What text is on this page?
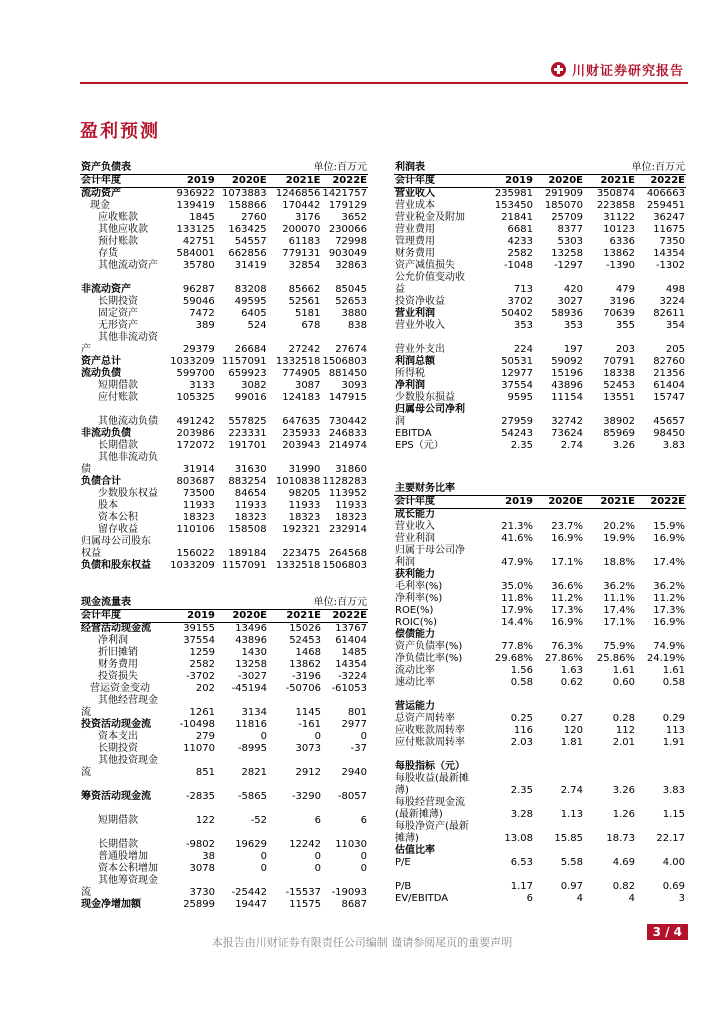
川财证券研究报告
盈利预测
资产负债表	单位:百万元			
会计年度	2019	2020E	2021E	2022E
流动资产	936922	1073883	1246856	1421757
现金	139419	158866	170442	179129
应收账款	1845	2760	3176	3652
其他应收款	133125	163425	200070	230066
预付账款	42751	54557	61183	72998
存货	584001	662856	779131	903049
其他流动资产	35780	31419	32854	32863

非流动资产	96287	83208	85662	85045
长期投资	59046	49595	52561	52653
固定资产	7472	6405	5181	3880
无形资产	389	524	678	838
其他非流动资				
产	29379	26684	27242	27674
资产总计	1033209	1157091	1332518	1506803
流动负债	599700	659923	774905	881450
短期借款	3133	3082	3087	3093
应付账款	105325	99016	124183	147915

其他流动负债	491242	557825	647635	730442
非流动负债	203986	223331	235933	246833
长期借款	172072	191701	203943	214974
其他非流动负				
债	31914	31630	31990	31860
负债合计	803687	883254	1010838	1128283
少数股东权益	73500	84654	98205	113952
股本	11933	11933	11933	11933
资本公积	18323	18323	18323	18323
留存收益	110106	158508	192321	232914
归属母公司股东				
权益	156022	189184	223475	264568
负债和股东权益	1033209	1157091	1332518	1506803
现金流量表	单位:百万元			
会计年度	2019	2020E	2021E	2022E
经营活动现金流	39155	13496	15026	13767
净利润	37554	43896	52453	61404
折旧摊销	1259	1430	1468	1485
财务费用	2582	13258	13862	14354
投资损失	-3702	-3027	-3196	-3224
营运资金变动	202	-45194	-50706	-61053
其他经营现金				
流	1261	3134	1145	801
投资活动现金流	-10498	11816	-161	2977
资本支出	279	0	0	0
长期投资	11070	-8995	3073	-37
其他投资现金				
流	851	2821	2912	2940

筹资活动现金流	-2835	-5865	-3290	-8057

短期借款	122	-52	6	6

长期借款	-9802	19629	12242	11030
普通股增加	38	0	0	0
资本公积增加	3078	0	0	0
其他筹资现金				
流	3730	-25442	-15537	-19093
现金净增加额	25899	19447	11575	8687
利润表	单位:百万元			
会计年度	2019	2020E	2021E	2022E
营业收入	235981	291909	350874	406663
营业成本	153450	185070	223858	259451
营业税金及附加	21841	25709	31122	36247
营业费用	6681	8377	10123	11675
管理费用	4233	5303	6336	7350
财务费用	2582	13258	13862	14354
资产减值损失	-1048	-1297	-1390	-1302
公允价值变动收				
益	713	420	479	498
投资净收益	3702	3027	3196	3224
营业利润	50402	58936	70639	82611
营业外收入	353	353	355	354

营业外支出	224	197	203	205
利润总额	50531	59092	70791	82760
所得税	12977	15196	18338	21356
净利润	37554	43896	52453	61404
少数股东损益	9595	11154	13551	15747
归属母公司净利				
润	27959	32742	38902	45657
EBITDA	54243	73624	85969	98450
EPS（元）	2.35	2.74	3.26	3.83
主要财务比率				
会计年度	2019	2020E	2021E	2022E
成长能力				
营业收入	21.3%	23.7%	20.2%	15.9%
营业利润	41.6%	16.9%	19.9%	16.9%
归属于母公司净				
利润	47.9%	17.1%	18.8%	17.4%
获利能力				
毛利率(%)	35.0%	36.6%	36.2%	36.2%
净利率(%)	11.8%	11.2%	11.1%	11.2%
ROE(%)	17.9%	17.3%	17.4%	17.3%
ROIC(%)	14.4%	16.9%	17.1%	16.9%
偿债能力				
资产负债率(%)	77.8%	76.3%	75.9%	74.9%
净负债比率(%)	29.68%	27.86%	25.86%	24.19%
流动比率	1.56	1.63	1.61	1.61
速动比率	0.58	0.62	0.60	0.58

营运能力				
总资产周转率	0.25	0.27	0.28	0.29
应收账款周转率	116	120	112	113
应付账款周转率	2.03	1.81	2.01	1.91

每股指标（元）				
每股收益(最新摊				
薄)	2.35	2.74	3.26	3.83
每股经营现金流				
(最新摊薄)	3.28	1.13	1.26	1.15
每股净资产(最新				
摊薄)	13.08	15.85	18.73	22.17
估值比率				
P/E	6.53	5.58	4.69	4.00

P/B	1.17	0.97	0.82	0.69
EV/EBITDA	6	4	4	3
本报告由川财证券有限责任公司编制 谨请参阅尾页的重要声明
3 / 4
